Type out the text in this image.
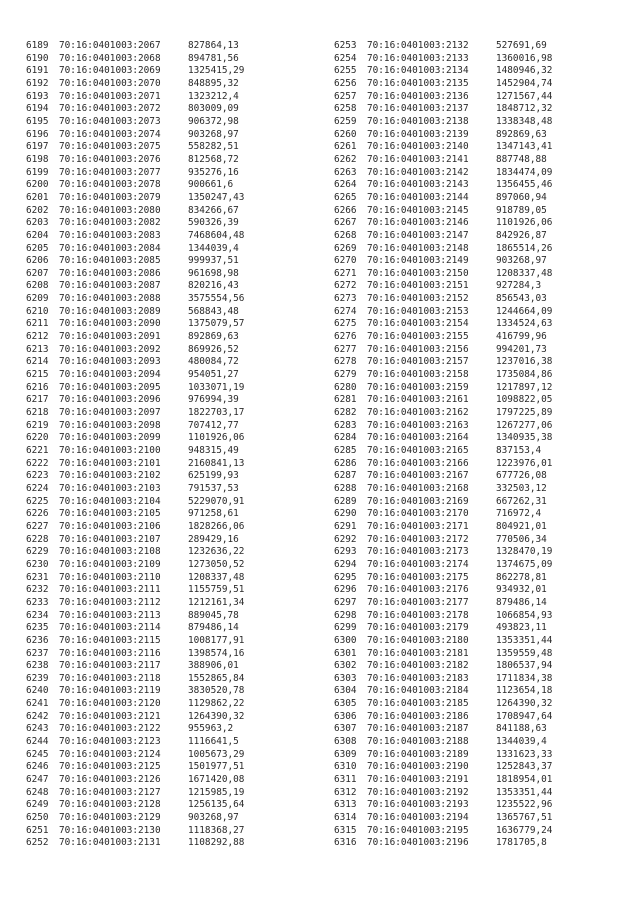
6189 70:16:0401003:2067	827864,13
6190 70:16:0401003:2068	894781,56
6191 70:16:0401003:2069	1325415,29
6192 70:16:0401003:2070	848895,32
6193 70:16:0401003:2071	1323212,4
6194 70:16:0401003:2072	803009,09
6195 70:16:0401003:2073	906372,98
6196 70:16:0401003:2074	903268,97
6197 70:16:0401003:2075	558282,51
6198 70:16:0401003:2076	812568,72
6199 70:16:0401003:2077	935276,16
6200 70:16:0401003:2078	900661,6
6201 70:16:0401003:2079	1350247,43
6202 70:16:0401003:2080	834266,67
6203 70:16:0401003:2082	590326,39
6204 70:16:0401003:2083	7468604,48
6205 70:16:0401003:2084	1344039,4
6206 70:16:0401003:2085	999937,51
6207 70:16:0401003:2086	961698,98
6208 70:16:0401003:2087	820216,43
6209 70:16:0401003:2088	3575554,56
6210 70:16:0401003:2089	568843,48
6211 70:16:0401003:2090	1375079,57
6212 70:16:0401003:2091	892869,63
6213 70:16:0401003:2092	869926,52
6214 70:16:0401003:2093	480084,72
6215 70:16:0401003:2094	954051,27
6216 70:16:0401003:2095	1033071,19
6217 70:16:0401003:2096	976994,39
6218 70:16:0401003:2097	1822703,17
6219 70:16:0401003:2098	707412,77
6220 70:16:0401003:2099	1101926,06
6221 70:16:0401003:2100	948315,49
6222 70:16:0401003:2101	2160841,13
6223 70:16:0401003:2102	625199,93
6224 70:16:0401003:2103	791537,53
6225 70:16:0401003:2104	5229070,91
6226 70:16:0401003:2105	971258,61
6227 70:16:0401003:2106	1828266,06
6228 70:16:0401003:2107	289429,16
6229 70:16:0401003:2108	1232636,22
6230 70:16:0401003:2109	1273050,52
6231 70:16:0401003:2110	1208337,48
6232 70:16:0401003:2111	1155759,51
6233 70:16:0401003:2112	1212161,34
6234 70:16:0401003:2113	889045,78
6235 70:16:0401003:2114	879486,14
6236 70:16:0401003:2115	1008177,91
6237 70:16:0401003:2116	1398574,16
6238 70:16:0401003:2117	388906,01
6239 70:16:0401003:2118	1552865,84
6240 70:16:0401003:2119	3830520,78
6241 70:16:0401003:2120	1129862,22
6242 70:16:0401003:2121	1264390,32
6243 70:16:0401003:2122	955963,2
6244 70:16:0401003:2123	1116641,5
6245 70:16:0401003:2124	1005673,29
6246 70:16:0401003:2125	1501977,51
6247 70:16:0401003:2126	1671420,08
6248 70:16:0401003:2127	1215985,19
6249 70:16:0401003:2128	1256135,64
6250 70:16:0401003:2129	903268,97
6251 70:16:0401003:2130	1118368,27
6252 70:16:0401003:2131	1108292,88
6253 70:16:0401003:2132	527691,69
6254 70:16:0401003:2133	1360016,98
6255 70:16:0401003:2134	1480946,32
6256 70:16:0401003:2135	1452904,74
6257 70:16:0401003:2136	1271567,44
6258 70:16:0401003:2137	1848712,32
6259 70:16:0401003:2138	1338348,48
6260 70:16:0401003:2139	892869,63
6261 70:16:0401003:2140	1347143,41
6262 70:16:0401003:2141	887748,88
6263 70:16:0401003:2142	1834474,09
6264 70:16:0401003:2143	1356455,46
6265 70:16:0401003:2144	897060,94
6266 70:16:0401003:2145	918789,05
6267 70:16:0401003:2146	1101926,06
6268 70:16:0401003:2147	842926,87
6269 70:16:0401003:2148	1865514,26
6270 70:16:0401003:2149	903268,97
6271 70:16:0401003:2150	1208337,48
6272 70:16:0401003:2151	927284,3
6273 70:16:0401003:2152	856543,03
6274 70:16:0401003:2153	1244664,09
6275 70:16:0401003:2154	1334524,63
6276 70:16:0401003:2155	416799,96
6277 70:16:0401003:2156	994201,73
6278 70:16:0401003:2157	1237016,38
6279 70:16:0401003:2158	1735084,86
6280 70:16:0401003:2159	1217897,12
6281 70:16:0401003:2161	1098822,05
6282 70:16:0401003:2162	1797225,89
6283 70:16:0401003:2163	1267277,06
6284 70:16:0401003:2164	1340935,38
6285 70:16:0401003:2165	837153,4
6286 70:16:0401003:2166	1223976,01
6287 70:16:0401003:2167	677726,08
6288 70:16:0401003:2168	332503,12
6289 70:16:0401003:2169	667262,31
6290 70:16:0401003:2170	716972,4
6291 70:16:0401003:2171	804921,01
6292 70:16:0401003:2172	770506,34
6293 70:16:0401003:2173	1328470,19
6294 70:16:0401003:2174	1374675,09
6295 70:16:0401003:2175	862278,81
6296 70:16:0401003:2176	934932,01
6297 70:16:0401003:2177	879486,14
6298 70:16:0401003:2178	1066854,93
6299 70:16:0401003:2179	493823,11
6300 70:16:0401003:2180	1353351,44
6301 70:16:0401003:2181	1359559,48
6302 70:16:0401003:2182	1806537,94
6303 70:16:0401003:2183	1711834,38
6304 70:16:0401003:2184	1123654,18
6305 70:16:0401003:2185	1264390,32
6306 70:16:0401003:2186	1708947,64
6307 70:16:0401003:2187	841188,63
6308 70:16:0401003:2188	1344039,4
6309 70:16:0401003:2189	1331623,33
6310 70:16:0401003:2190	1252843,37
6311 70:16:0401003:2191	1818954,01
6312 70:16:0401003:2192	1353351,44
6313 70:16:0401003:2193	1235522,96
6314 70:16:0401003:2194	1365767,51
6315 70:16:0401003:2195	1636779,24
6316 70:16:0401003:2196	1781705,8
